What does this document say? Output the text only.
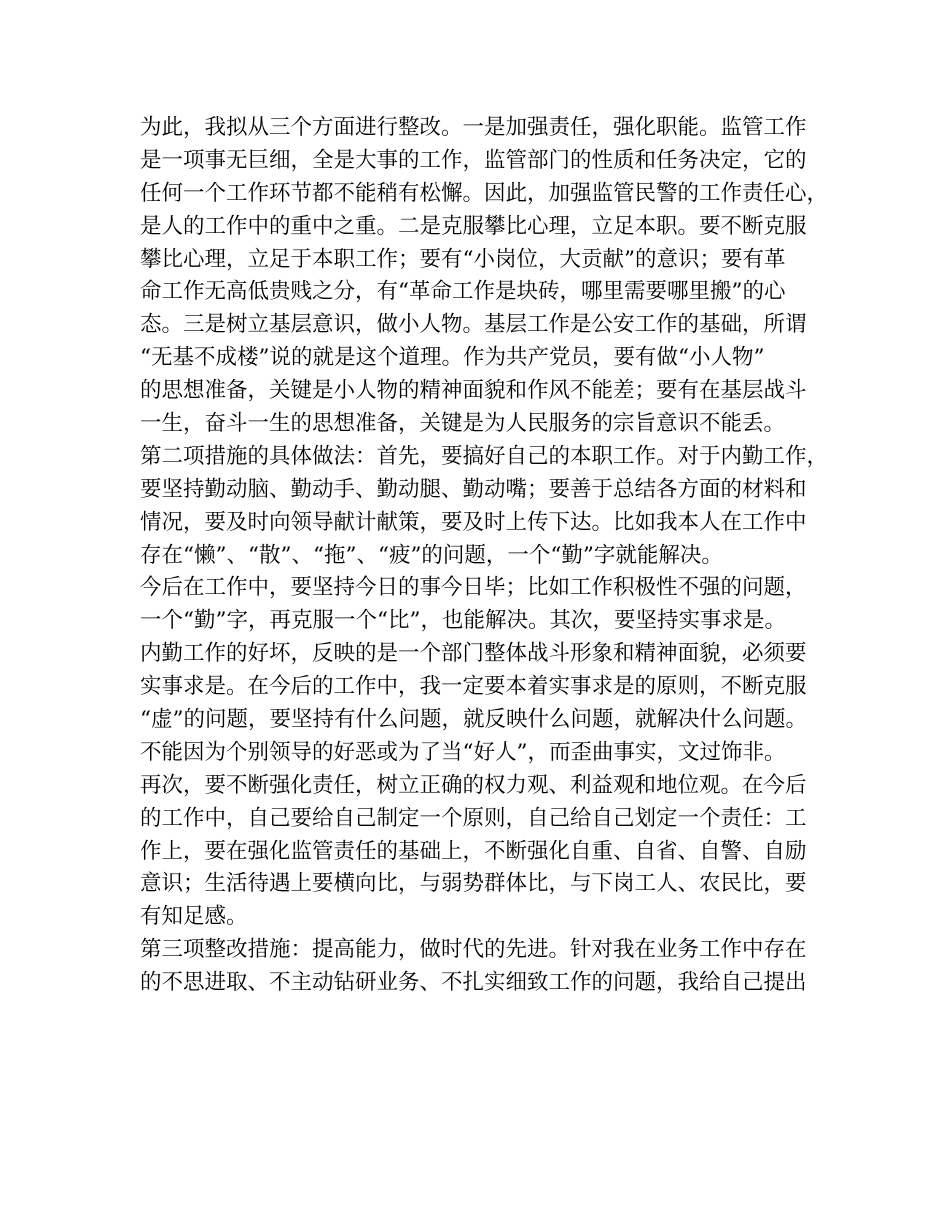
为此，我拟从三个方面进行整改。一是加强责任，强化职能。监管工作
是一项事无巨细，全是大事的工作，监管部门的性质和任务决定，它的
任何一个工作环节都不能稍有松懈。因此，加强监管民警的工作责任心，
是人的工作中的重中之重。二是克服攀比心理，立足本职。要不断克服
攀比心理，立足于本职工作；要有“小岗位，大贡献”的意识；要有革
命工作无高低贵贱之分，有“革命工作是块砖，哪里需要哪里搬”的心
态。三是树立基层意识，做小人物。基层工作是公安工作的基础，所谓
“无基不成楼”说的就是这个道理。作为共产党员，要有做“小人物”
的思想准备，关键是小人物的精神面貌和作风不能差；要有在基层战斗
一生，奋斗一生的思想准备，关键是为人民服务的宗旨意识不能丢。
第二项措施的具体做法：首先，要搞好自己的本职工作。对于内勤工作，
要坚持勤动脑、勤动手、勤动腿、勤动嘴；要善于总结各方面的材料和
情况，要及时向领导献计献策，要及时上传下达。比如我本人在工作中
存在“懒”、“散”、“拖”、“疲”的问题，一个“勤”字就能解决。
今后在工作中，要坚持今日的事今日毕；比如工作积极性不强的问题，
一个“勤”字，再克服一个“比”，也能解决。其次，要坚持实事求是。
内勤工作的好坏，反映的是一个部门整体战斗形象和精神面貌，必须要
实事求是。在今后的工作中，我一定要本着实事求是的原则，不断克服
“虚”的问题，要坚持有什么问题，就反映什么问题，就解决什么问题。
不能因为个别领导的好恶或为了当“好人”，而歪曲事实，文过饰非。
再次，要不断强化责任，树立正确的权力观、利益观和地位观。在今后
的工作中，自己要给自己制定一个原则，自己给自己划定一个责任：工
作上，要在强化监管责任的基础上，不断强化自重、自省、自警、自励
意识；生活待遇上要横向比，与弱势群体比，与下岗工人、农民比，要
有知足感。
第三项整改措施：提高能力，做时代的先进。针对我在业务工作中存在
的不思进取、不主动钻研业务、不扎实细致工作的问题，我给自己提出
